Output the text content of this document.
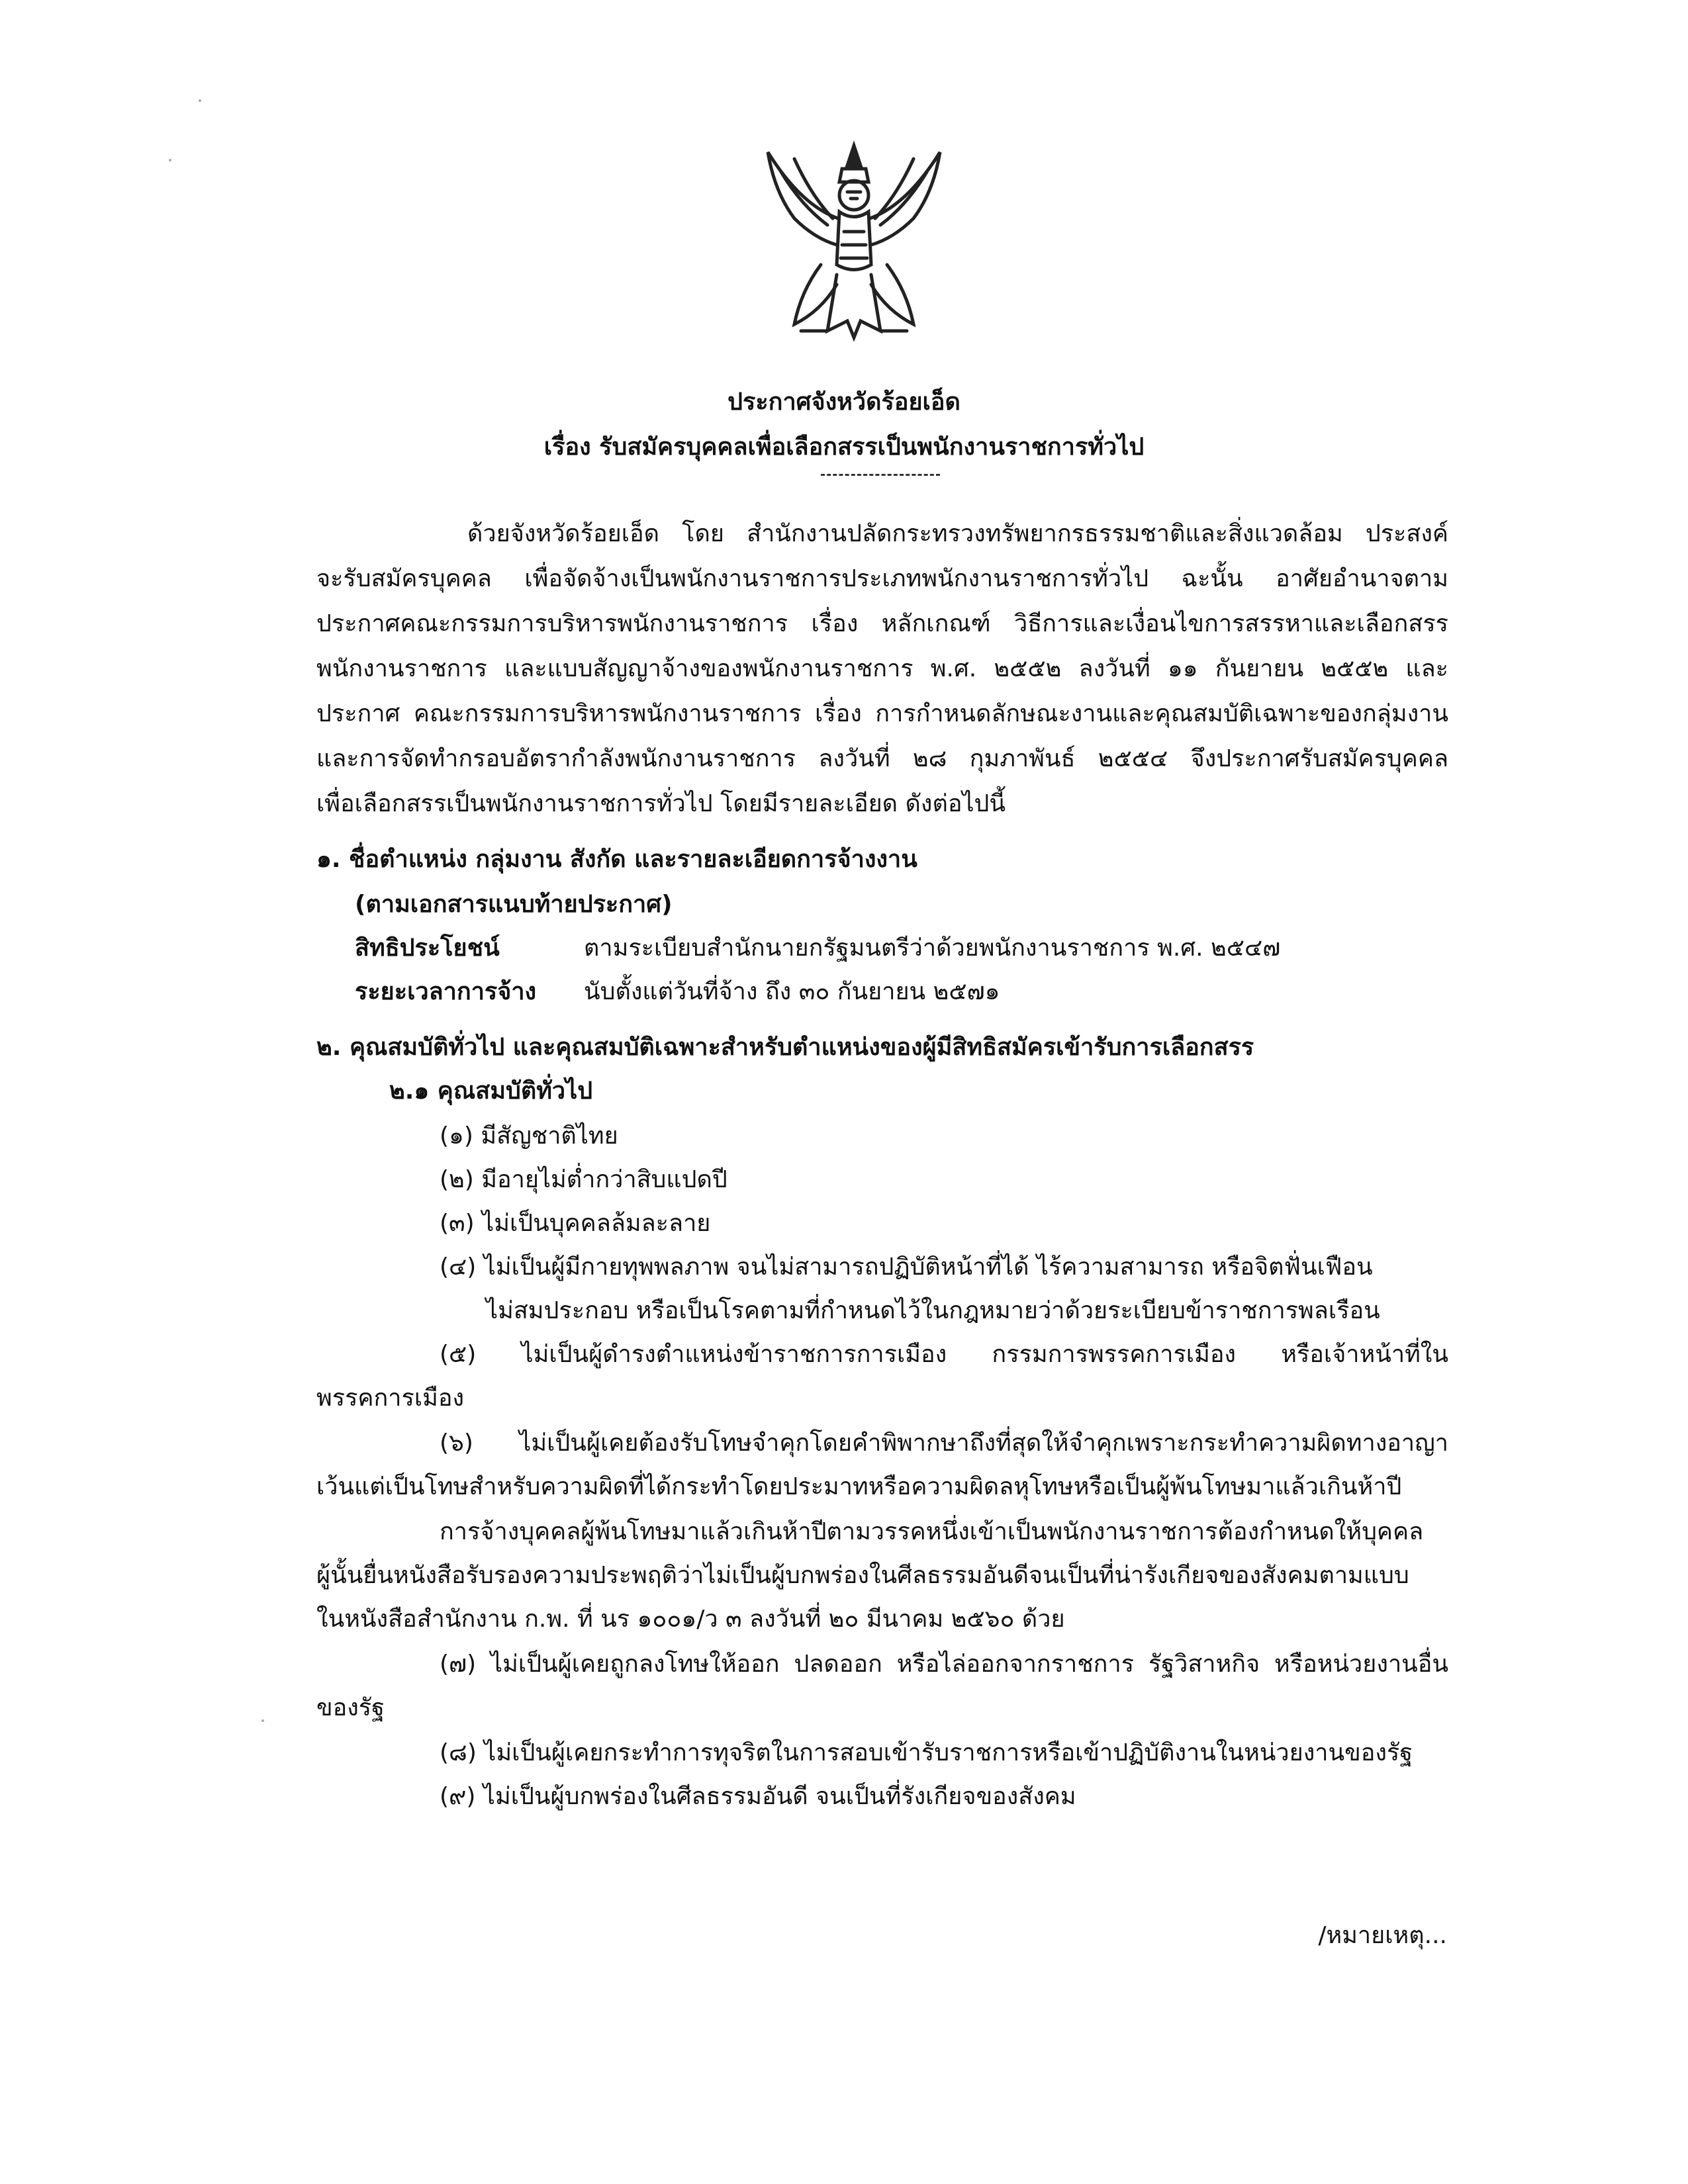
ประกาศจังหวัดร้อยเอ็ด
เรื่อง รับสมัครบุคคลเพื่อเลือกสรรเป็นพนักงานราชการทั่วไป
ด้วยจังหวัดร้อยเอ็ด โดย สำนักงานปลัดกระทรวงทรัพยากรธรรมชาติและสิ่งแวดล้อม ประสงค์
จะรับสมัครบุคคล เพื่อจัดจ้างเป็นพนักงานราชการประเภทพนักงานราชการทั่วไป ฉะนั้น อาศัยอำนาจตาม
ประกาศคณะกรรมการบริหารพนักงานราชการ เรื่อง หลักเกณฑ์ วิธีการและเงื่อนไขการสรรหาและเลือกสรร
พนักงานราชการ และแบบสัญญาจ้างของพนักงานราชการ พ.ศ. ๒๕๕๒ ลงวันที่ ๑๑ กันยายน ๒๕๕๒ และ
ประกาศ คณะกรรมการบริหารพนักงานราชการ เรื่อง การกำหนดลักษณะงานและคุณสมบัติเฉพาะของกลุ่มงาน
และการจัดทำกรอบอัตรากำลังพนักงานราชการ ลงวันที่ ๒๘ กุมภาพันธ์ ๒๕๕๔ จึงประกาศรับสมัครบุคคล
เพื่อเลือกสรรเป็นพนักงานราชการทั่วไป โดยมีรายละเอียด ดังต่อไปนี้
๑. ชื่อตำแหน่ง กลุ่มงาน สังกัด และรายละเอียดการจ้างงาน
(ตามเอกสารแนบท้ายประกาศ)
สิทธิประโยชน์	ตามระเบียบสำนักนายกรัฐมนตรีว่าด้วยพนักงานราชการ พ.ศ. ๒๕๔๗
ระยะเวลาการจ้าง นับตั้งแต่วันที่จ้าง ถึง ๓๐ กันยายน ๒๕๗๑
๒. คุณสมบัติทั่วไป และคุณสมบัติเฉพาะสำหรับตำแหน่งของผู้มีสิทธิสมัครเข้ารับการเลือกสรร
๒.๑ คุณสมบัติทั่วไป
(๑) มีสัญชาติไทย
(๒) มีอายุไม่ต่ำกว่าสิบแปดปี
(๓) ไม่เป็นบุคคลล้มละลาย
(๔) ไม่เป็นผู้มีกายทุพพลภาพ จนไม่สามารถปฏิบัติหน้าที่ได้ ไร้ความสามารถ หรือจิตฟั่นเฟือน
ไม่สมประกอบ หรือเป็นโรคตามที่กำหนดไว้ในกฎหมายว่าด้วยระเบียบข้าราชการพลเรือน
(๕) ไม่เป็นผู้ดำรงตำแหน่งข้าราชการการเมือง กรรมการพรรคการเมือง หรือเจ้าหน้าที่ใน
พรรคการเมือง
(๖) ไม่เป็นผู้เคยต้องรับโทษจำคุกโดยคำพิพากษาถึงที่สุดให้จำคุกเพราะกระทำความผิดทางอาญา
เว้นแต่เป็นโทษสำหรับความผิดที่ได้กระทำโดยประมาทหรือความผิดลหุโทษหรือเป็นผู้พ้นโทษมาแล้วเกินห้าปี
การจ้างบุคคลผู้พ้นโทษมาแล้วเกินห้าปีตามวรรคหนึ่งเข้าเป็นพนักงานราชการต้องกำหนดให้บุคคล
ผู้นั้นยื่นหนังสือรับรองความประพฤติว่าไม่เป็นผู้บกพร่องในศีลธรรมอันดีจนเป็นที่น่ารังเกียจของสังคมตามแบบ
ในหนังสือสำนักงาน ก.พ. ที่ นร ๑๐๐๑/ว ๓ ลงวันที่ ๒๐ มีนาคม ๒๕๖๐ ด้วย
(๗) ไม่เป็นผู้เคยถูกลงโทษให้ออก ปลดออก หรือไล่ออกจากราชการ รัฐวิสาหกิจ หรือหน่วยงานอื่น
ของรัฐ
(๘) ไม่เป็นผู้เคยกระทำการทุจริตในการสอบเข้ารับราชการหรือเข้าปฏิบัติงานในหน่วยงานของรัฐ
(๙) ไม่เป็นผู้บกพร่องในศีลธรรมอันดี จนเป็นที่รังเกียจของสังคม
/หมายเหตุ...
